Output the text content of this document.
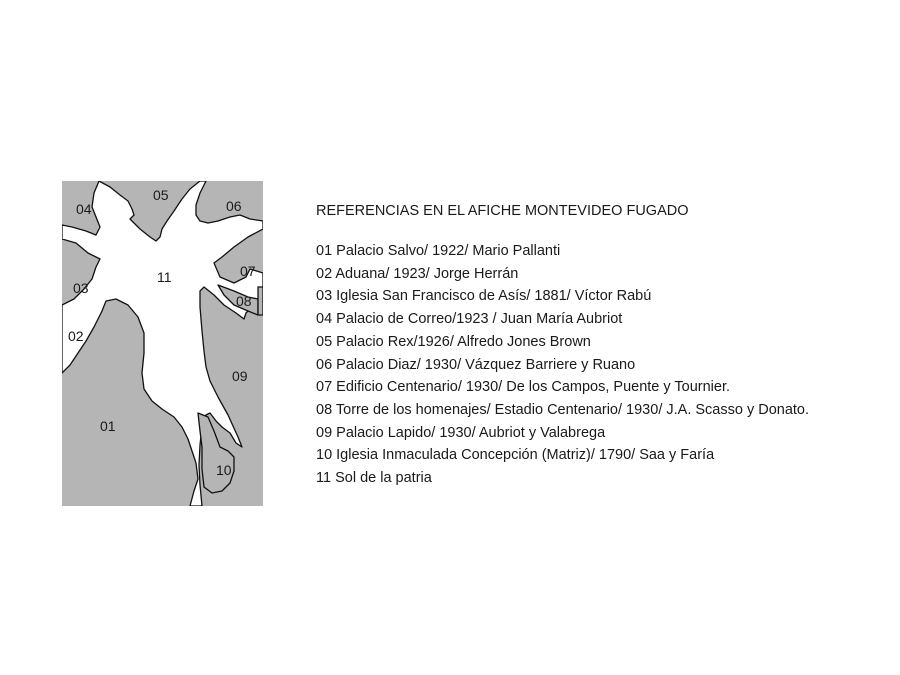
04
05
06
11	07
03
08
02
09
01
10
REFERENCIAS EN EL AFICHE MONTEVIDEO FUGADO
01 Palacio Salvo/ 1922/ Mario Pallanti
02 Aduana/ 1923/ Jorge Herrán
03 Iglesia San Francisco de Asís/ 1881/ Víctor Rabú
04 Palacio de Correo/1923 / Juan María Aubriot
05 Palacio Rex/1926/ Alfredo Jones Brown
06 Palacio Diaz/ 1930/ Vázquez Barriere y Ruano
07 Edificio Centenario/ 1930/ De los Campos, Puente y Tournier.
08 Torre de los homenajes/ Estadio Centenario/ 1930/ J.A. Scasso y Donato.
09 Palacio Lapido/ 1930/ Aubriot y Valabrega
10 Iglesia Inmaculada Concepción (Matriz)/ 1790/ Saa y Faría
11 Sol de la patria
